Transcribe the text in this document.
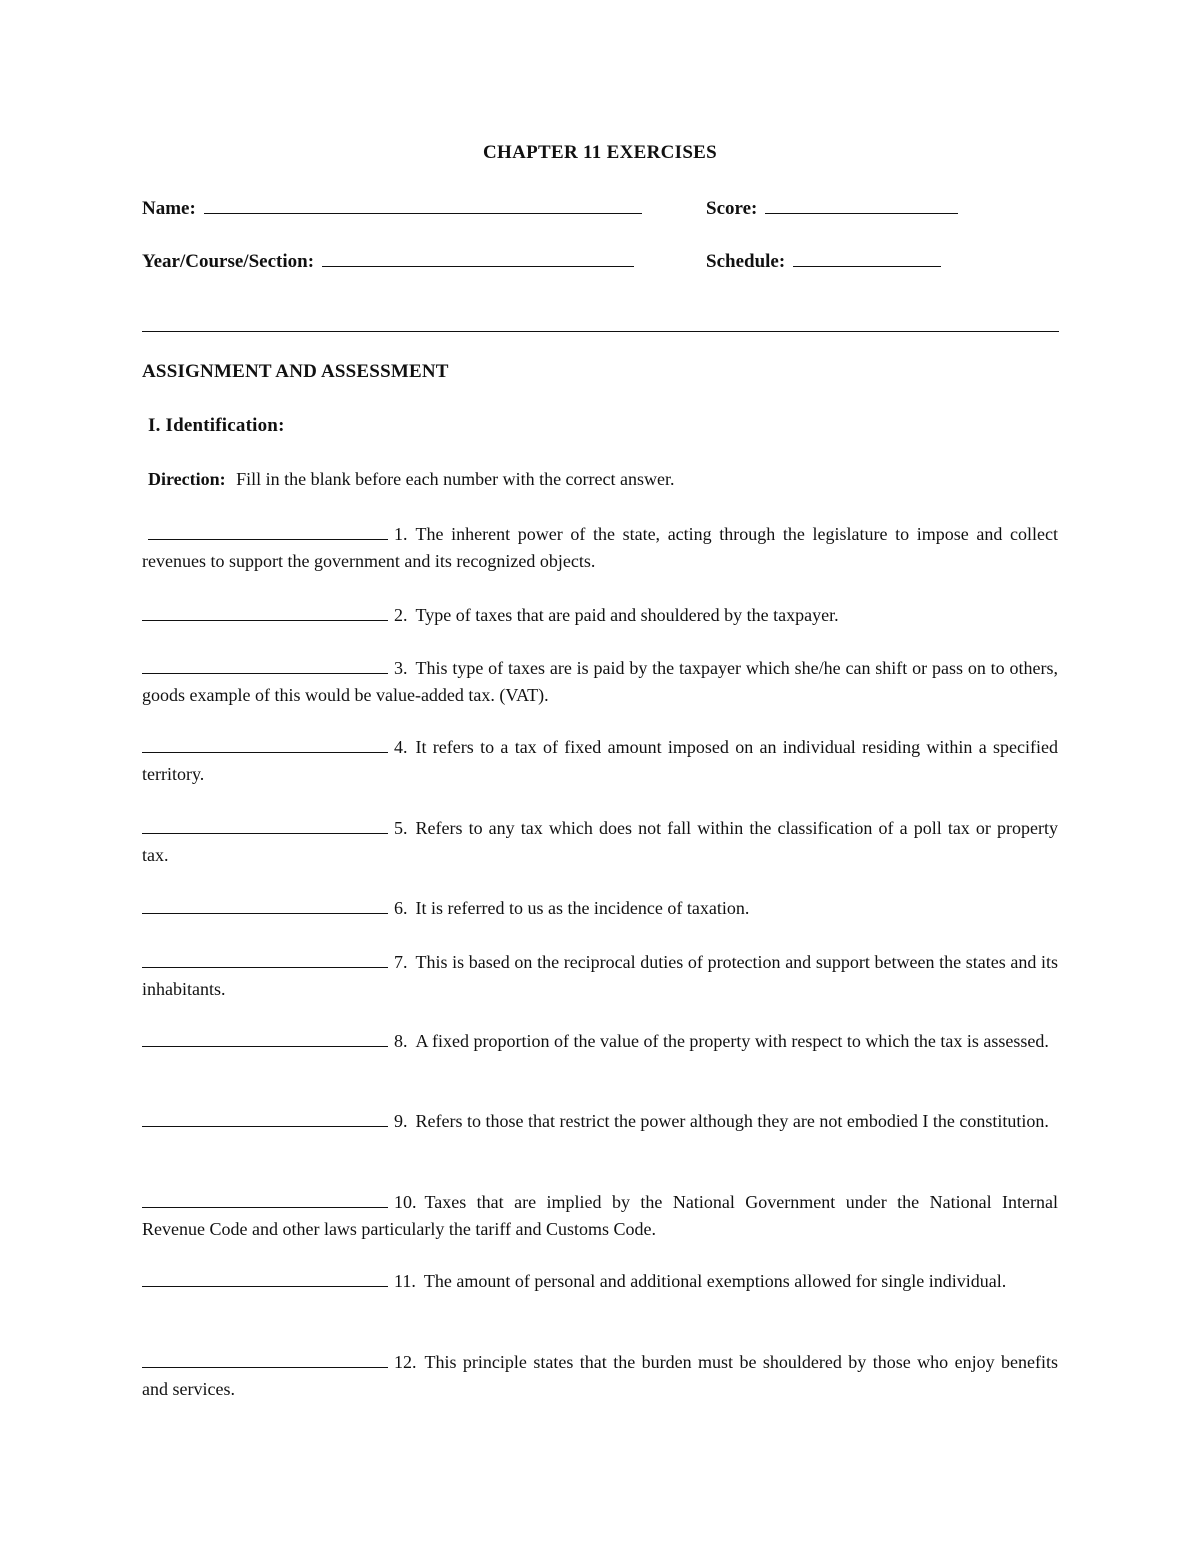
CHAPTER 11 EXERCISES
Name:	Score:
Year/Course/Section:	Schedule:
ASSIGNMENT AND ASSESSMENT
I. Identification:
Direction: Fill in the blank before each number with the correct answer.
1. The inherent power of the state, acting through the legislature to impose and collect revenues to support the government and its recognized objects.
2. Type of taxes that are paid and shouldered by the taxpayer.
3. This type of taxes are is paid by the taxpayer which she/he can shift or pass on to others, goods example of this would be value-added tax. (VAT).
4. It refers to a tax of fixed amount imposed on an individual residing within a specified territory.
5. Refers to any tax which does not fall within the classification of a poll tax or property tax.
6. It is referred to us as the incidence of taxation.
7. This is based on the reciprocal duties of protection and support between the states and its inhabitants.
8. A fixed proportion of the value of the property with respect to which the tax is assessed.
9. Refers to those that restrict the power although they are not embodied I the constitution.
10. Taxes that are implied by the National Government under the National Internal Revenue Code and other laws particularly the tariff and Customs Code.
11. The amount of personal and additional exemptions allowed for single individual.
12. This principle states that the burden must be shouldered by those who enjoy benefits and services.
